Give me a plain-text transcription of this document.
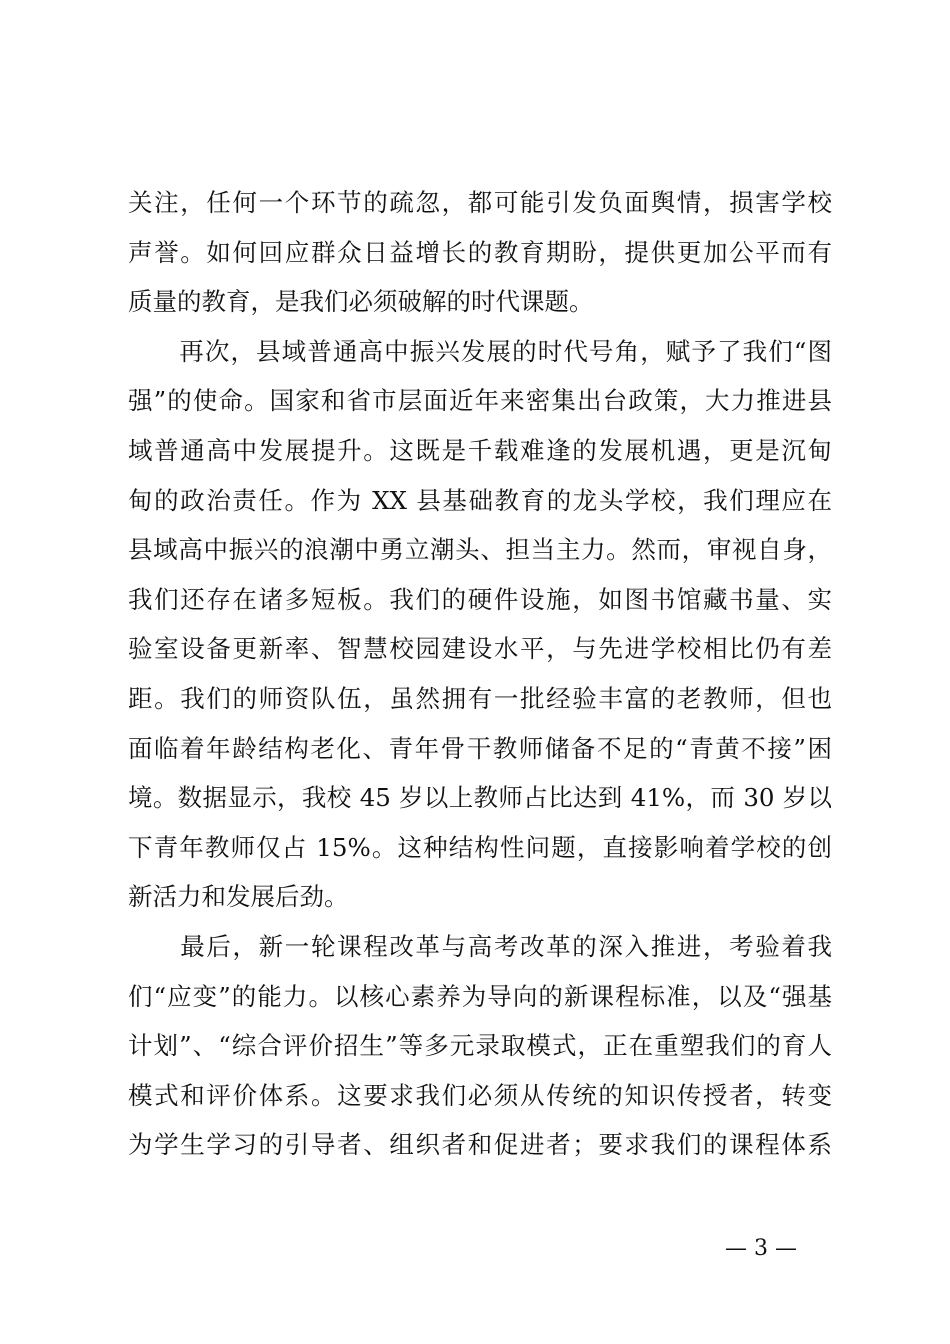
关注，任何一个环节的疏忽，都可能引发负面舆情，损害学校
声誉。如何回应群众日益增长的教育期盼，提供更加公平而有
质量的教育，是我们必须破解的时代课题。
　　再次，县域普通高中振兴发展的时代号角，赋予了我们“图
强”的使命。国家和省市层面近年来密集出台政策，大力推进县
域普通高中发展提升。这既是千载难逢的发展机遇，更是沉甸
甸的政治责任。作为 XX 县基础教育的龙头学校，我们理应在
县域高中振兴的浪潮中勇立潮头、担当主力。然而，审视自身，
我们还存在诸多短板。我们的硬件设施，如图书馆藏书量、实
验室设备更新率、智慧校园建设水平，与先进学校相比仍有差
距。我们的师资队伍，虽然拥有一批经验丰富的老教师，但也
面临着年龄结构老化、青年骨干教师储备不足的“青黄不接”困
境。数据显示，我校 45 岁以上教师占比达到 41%，而 30 岁以
下青年教师仅占 15%。这种结构性问题，直接影响着学校的创
新活力和发展后劲。
　　最后，新一轮课程改革与高考改革的深入推进，考验着我
们“应变”的能力。以核心素养为导向的新课程标准，以及“强基
计划”、“综合评价招生”等多元录取模式，正在重塑我们的育人
模式和评价体系。这要求我们必须从传统的知识传授者，转变
为学生学习的引导者、组织者和促进者；要求我们的课程体系
— 3 —
